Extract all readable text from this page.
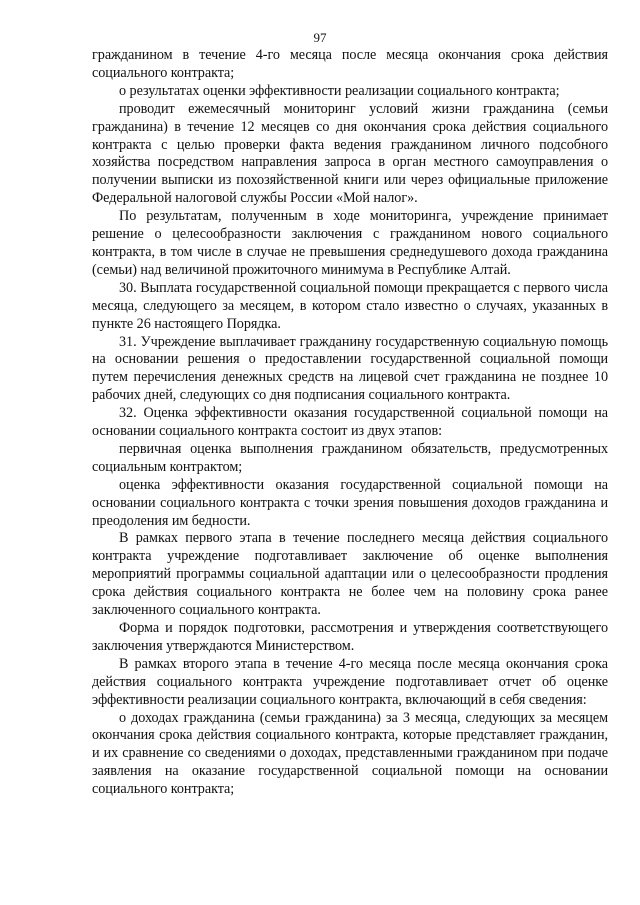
97

гражданином в течение 4-го месяца после месяца окончания срока действия социального контракта;

о результатах оценки эффективности реализации социального контракта;

проводит ежемесячный мониторинг условий жизни гражданина (семьи гражданина) в течение 12 месяцев со дня окончания срока действия социального контракта с целью проверки факта ведения гражданином личного подсобного хозяйства посредством направления запроса в орган местного самоуправления о получении выписки из похозяйственной книги или через официальные приложение Федеральной налоговой службы России «Мой налог».

По результатам, полученным в ходе мониторинга, учреждение принимает решение о целесообразности заключения с гражданином нового социального контракта, в том числе в случае не превышения среднедушевого дохода гражданина (семьи) над величиной прожиточного минимума в Республике Алтай.

30. Выплата государственной социальной помощи прекращается с первого числа месяца, следующего за месяцем, в котором стало известно о случаях, указанных в пункте 26 настоящего Порядка.

31. Учреждение выплачивает гражданину государственную социальную помощь на основании решения о предоставлении государственной социальной помощи путем перечисления денежных средств на лицевой счет гражданина не позднее 10 рабочих дней, следующих со дня подписания социального контракта.

32. Оценка эффективности оказания государственной социальной помощи на основании социального контракта состоит из двух этапов:

первичная оценка выполнения гражданином обязательств, предусмотренных социальным контрактом;

оценка эффективности оказания государственной социальной помощи на основании социального контракта с точки зрения повышения доходов гражданина и преодоления им бедности.

В рамках первого этапа в течение последнего месяца действия социального контракта учреждение подготавливает заключение об оценке выполнения мероприятий программы социальной адаптации или о целесообразности продления срока действия социального контракта не более чем на половину срока ранее заключенного социального контракта.

Форма и порядок подготовки, рассмотрения и утверждения соответствующего заключения утверждаются Министерством.

В рамках второго этапа в течение 4-го месяца после месяца окончания срока действия социального контракта учреждение подготавливает отчет об оценке эффективности реализации социального контракта, включающий в себя сведения:

о доходах гражданина (семьи гражданина) за 3 месяца, следующих за месяцем окончания срока действия социального контракта, которые представляет гражданин, и их сравнение со сведениями о доходах, представленными гражданином при подаче заявления на оказание государственной социальной помощи на основании социального контракта;
